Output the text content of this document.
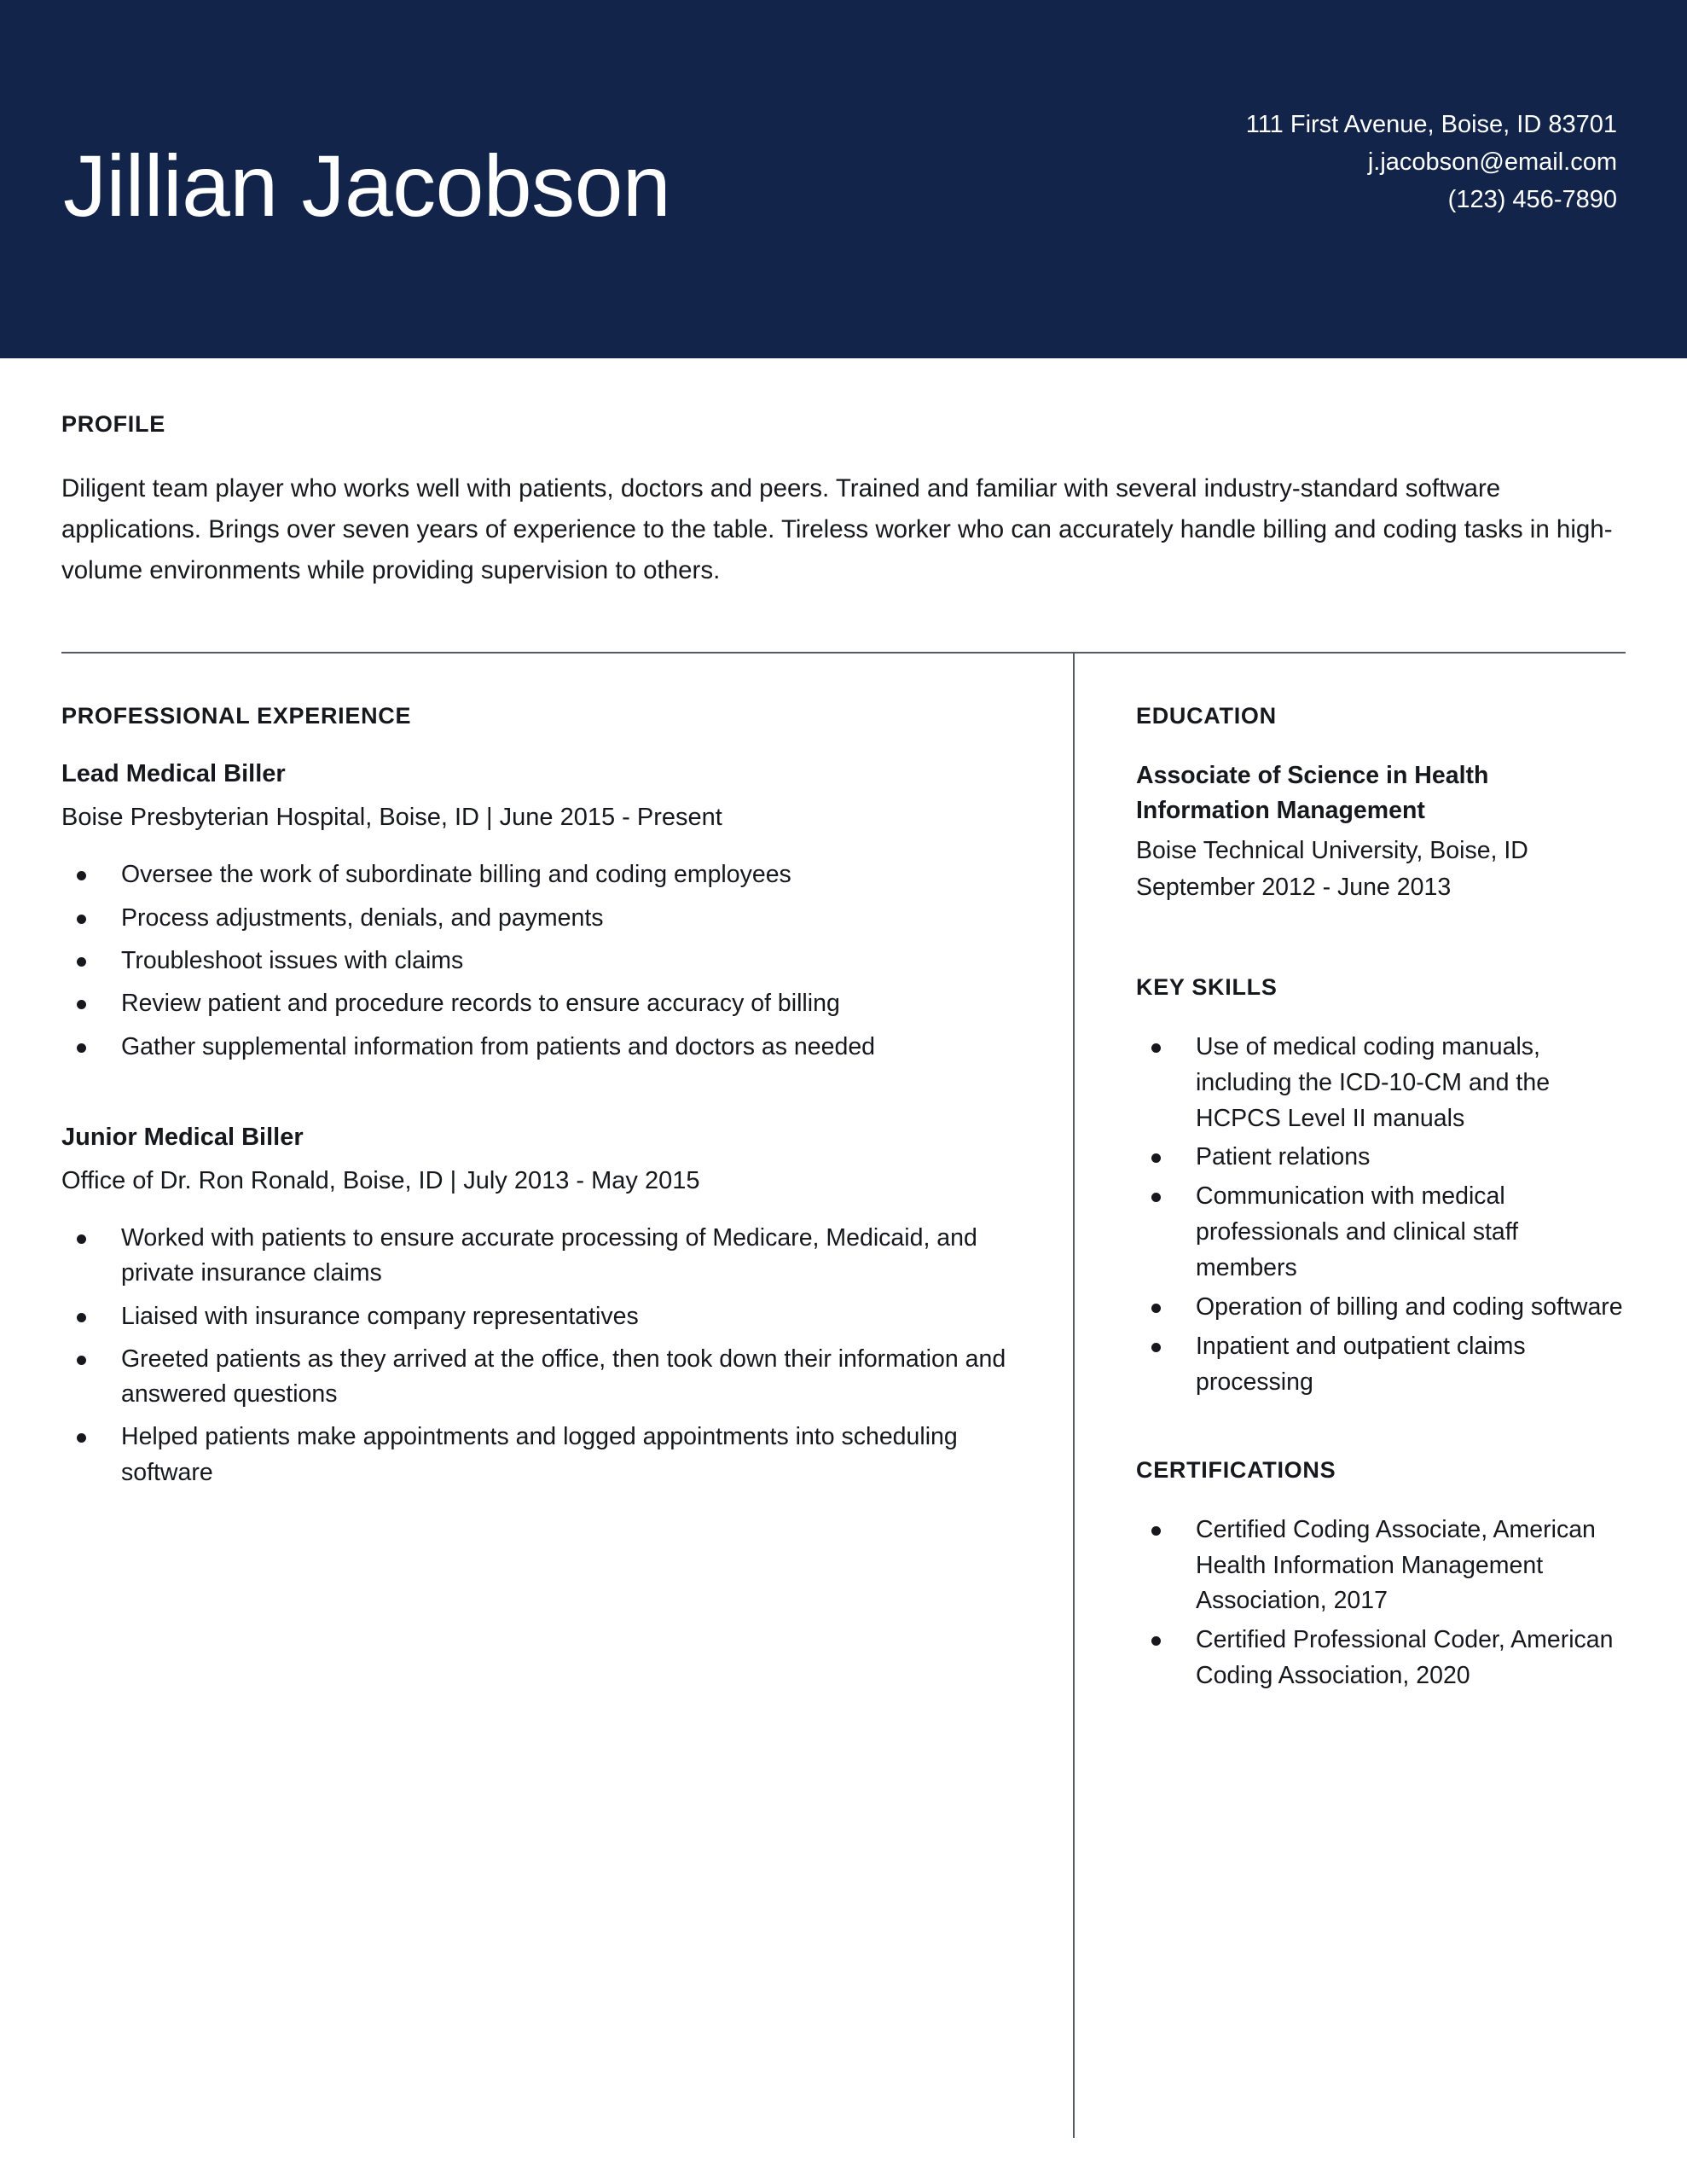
Jillian Jacobson
111 First Avenue, Boise, ID 83701
j.jacobson@email.com
(123) 456-7890
PROFILE
Diligent team player who works well with patients, doctors and peers. Trained and familiar with several industry-standard software applications. Brings over seven years of experience to the table. Tireless worker who can accurately handle billing and coding tasks in high-volume environments while providing supervision to others.
PROFESSIONAL EXPERIENCE
Lead Medical Biller
Boise Presbyterian Hospital, Boise, ID | June 2015 - Present
Oversee the work of subordinate billing and coding employees
Process adjustments, denials, and payments
Troubleshoot issues with claims
Review patient and procedure records to ensure accuracy of billing
Gather supplemental information from patients and doctors as needed
Junior Medical Biller
Office of Dr. Ron Ronald, Boise, ID | July 2013 - May 2015
Worked with patients to ensure accurate processing of Medicare, Medicaid, and private insurance claims
Liaised with insurance company representatives
Greeted patients as they arrived at the office, then took down their information and answered questions
Helped patients make appointments and logged appointments into scheduling software
EDUCATION
Associate of Science in Health Information Management
Boise Technical University, Boise, ID
September 2012 - June 2013
KEY SKILLS
Use of medical coding manuals, including the ICD-10-CM and the HCPCS Level II manuals
Patient relations
Communication with medical professionals and clinical staff members
Operation of billing and coding software
Inpatient and outpatient claims processing
CERTIFICATIONS
Certified Coding Associate, American Health Information Management Association, 2017
Certified Professional Coder, American Coding Association, 2020
